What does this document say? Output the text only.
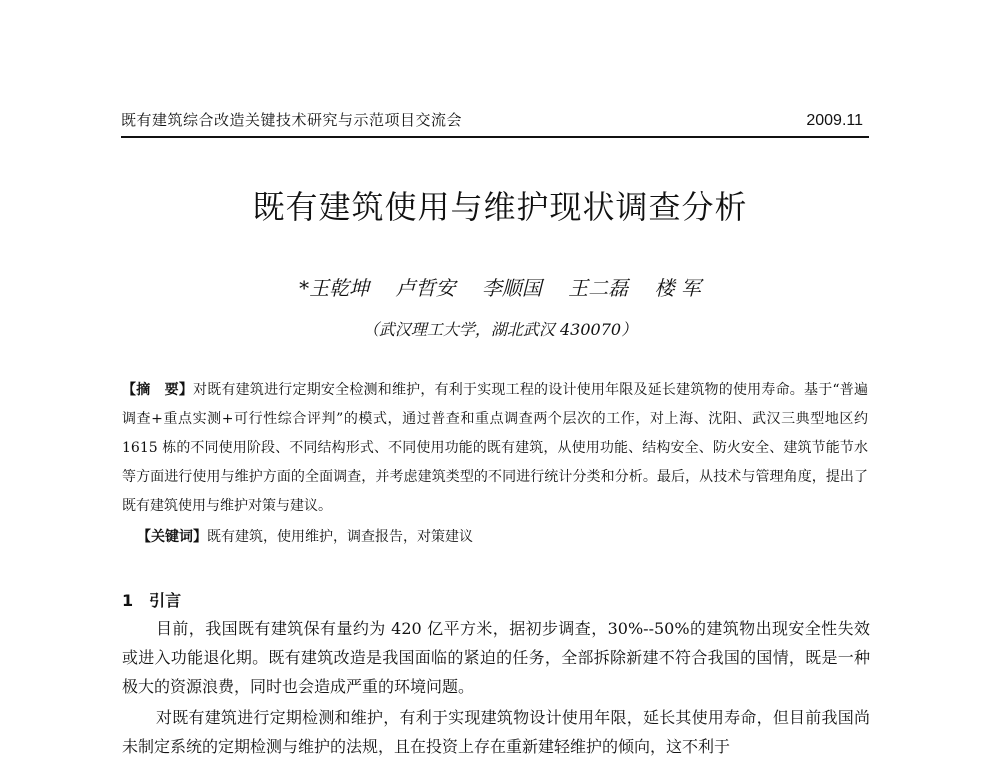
既有建筑综合改造关键技术研究与示范项目交流会	2009.11
既有建筑使用与维护现状调查分析
*王乾坤 卢哲安 李顺国 王二磊 楼 军
（武汉理工大学，湖北武汉 430070）
【摘　要】对既有建筑进行定期安全检测和维护，有利于实现工程的设计使用年限及延长建筑物的使用寿命。基于“普遍调查+重点实测+可行性综合评判”的模式，通过普查和重点调查两个层次的工作，对上海、沈阳、武汉三典型地区约 1615 栋的不同使用阶段、不同结构形式、不同使用功能的既有建筑，从使用功能、结构安全、防火安全、建筑节能节水等方面进行使用与维护方面的全面调查，并考虑建筑类型的不同进行统计分类和分析。最后，从技术与管理角度，提出了既有建筑使用与维护对策与建议。
【关键词】既有建筑，使用维护，调查报告，对策建议
1 引言
目前，我国既有建筑保有量约为 420 亿平方米，据初步调查，30%--50%的建筑物出现安全性失效或进入功能退化期。既有建筑改造是我国面临的紧迫的任务，全部拆除新建不符合我国的国情，既是一种极大的资源浪费，同时也会造成严重的环境问题。
对既有建筑进行定期检测和维护，有利于实现建筑物设计使用年限，延长其使用寿命，但目前我国尚未制定系统的定期检测与维护的法规，且在投资上存在重新建轻维护的倾向，这不利于
